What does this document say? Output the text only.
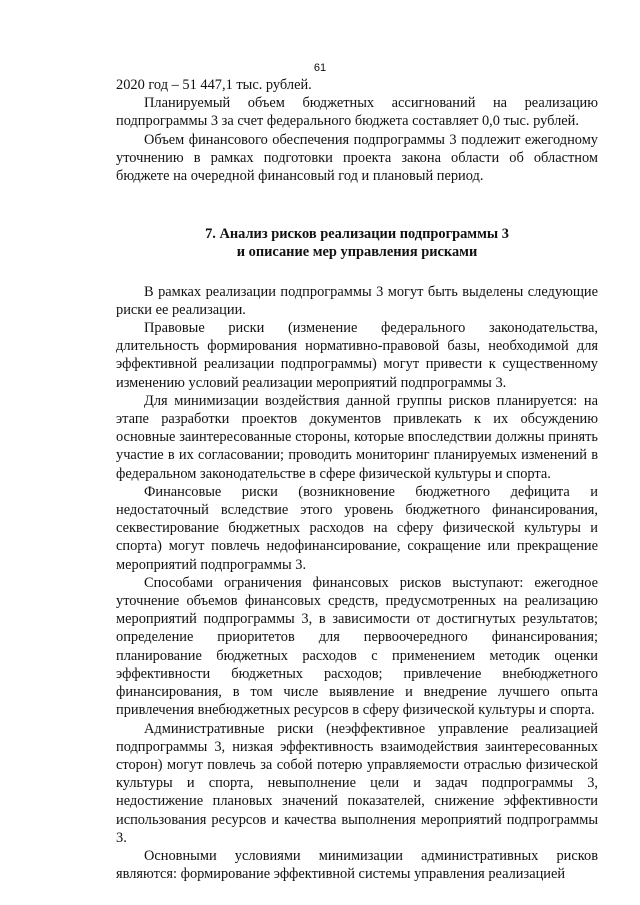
61

2020 год – 51 447,1 тыс. рублей.

Планируемый объем бюджетных ассигнований на реализацию подпрограммы 3 за счет федерального бюджета составляет 0,0 тыс. рублей.

Объем финансового обеспечения подпрограммы 3 подлежит ежегодному уточнению в рамках подготовки проекта закона области об областном бюджете на очередной финансовый год и плановый период.

7. Анализ рисков реализации подпрограммы 3
и описание мер управления рисками

В рамках реализации подпрограммы 3 могут быть выделены следующие риски ее реализации.

Правовые риски (изменение федерального законодательства, длительность формирования нормативно-правовой базы, необходимой для эффективной реализации подпрограммы) могут привести к существенному изменению условий реализации мероприятий подпрограммы 3.

Для минимизации воздействия данной группы рисков планируется: на этапе разработки проектов документов привлекать к их обсуждению основные заинтересованные стороны, которые впоследствии должны принять участие в их согласовании; проводить мониторинг планируемых изменений в федеральном законодательстве в сфере физической культуры и спорта.

Финансовые риски (возникновение бюджетного дефицита и недостаточный вследствие этого уровень бюджетного финансирования, секвестирование бюджетных расходов на сферу физической культуры и спорта) могут повлечь недофинансирование, сокращение или прекращение мероприятий подпрограммы 3.

Способами ограничения финансовых рисков выступают: ежегодное уточнение объемов финансовых средств, предусмотренных на реализацию мероприятий подпрограммы 3, в зависимости от достигнутых результатов; определение приоритетов для первоочередного финансирования; планирование бюджетных расходов с применением методик оценки эффективности бюджетных расходов; привлечение внебюджетного финансирования, в том числе выявление и внедрение лучшего опыта привлечения внебюджетных ресурсов в сферу физической культуры и спорта.

Административные риски (неэффективное управление реализацией подпрограммы 3, низкая эффективность взаимодействия заинтересованных сторон) могут повлечь за собой потерю управляемости отраслью физической культуры и спорта, невыполнение цели и задач подпрограммы 3, недостижение плановых значений показателей, снижение эффективности использования ресурсов и качества выполнения мероприятий подпрограммы 3.

Основными условиями минимизации административных рисков являются: формирование эффективной системы управления реализацией
